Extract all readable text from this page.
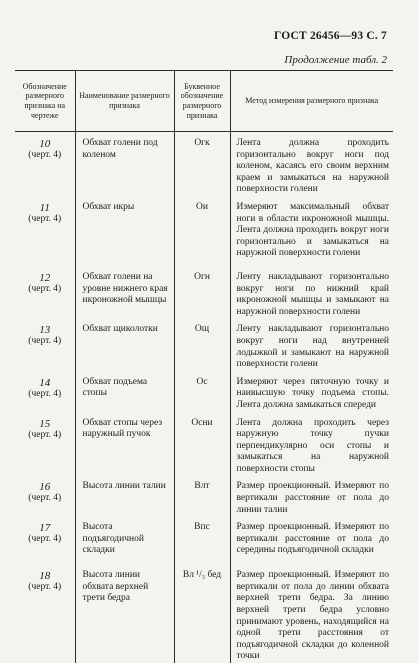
ГОСТ 26456—93 С. 7
Продолжение табл. 2
Обозначение размерного признака на чертеже	Наименование размерного признака	Буквенное обозначение размерного признака	Метод измерения размерного признака

10
(черт. 4)	Обхват голени под коленом	Огк	Лента должна проходить горизонтально вокруг ноги под коленом, касаясь его своим верхним краем и замыкаться на наружной поверхности голени

11
(черт. 4)	Обхват икры	Ои	Измеряют максимальный обхват ноги в области икроножной мышцы. Лента должна проходить вокруг ноги горизонтально и замыкаться на наружной поверхности голени

12
(черт. 4)	Обхват голени на уровне нижнего края икроножной мышцы	Огн	Ленту накладывают горизонтально вокруг ноги по нижний край икроножной мышцы и замыкают на наружной поверхности голени

13
(черт. 4)	Обхват щиколотки	Ощ	Ленту накладывают горизонтально вокруг ноги над внутренней лодыжкой и замыкают на наружной поверхности голени

14
(черт. 4)	Обхват подъема стопы	Ос	Измеряют через пяточную точку и наивысшую точку подъема стопы. Лента должна замыкаться спереди

15
(черт. 4)	Обхват стопы через наружный пучок	Осни	Лента должна проходить через наружную точку пучки перпендикулярно оси стопы и замыкаться на наружной поверхности стопы

16
(черт. 4)	Высота линии талии	Влт	Размер проекционный. Измеряют по вертикали расстояние от пола до линии талии

17
(черт. 4)	Высота подъягодичной складки	Впс	Размер проекционный. Измеряют по вертикали расстояние от пола до середины подъягодичной складки

18
(черт. 4)	Высота линии обхвата верхней трети бедра	Вл ¹/₃ бед	Размер проекционный. Измеряют по вертикали от пола до линии обхвата верхней трети бедра. За линию верхней трети бедра условно принимают уровень, находящийся на одной трети расстояния от подъягодичной складки до коленной точки
